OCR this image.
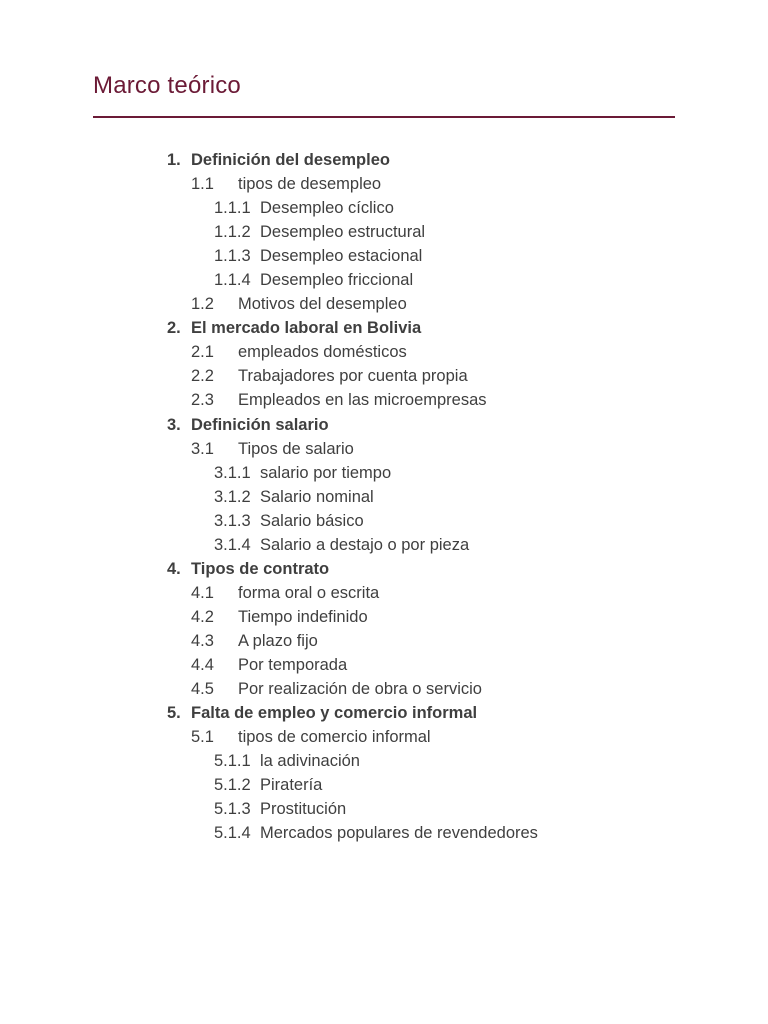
Marco teórico
1. Definición del desempleo
1.1 tipos de desempleo
1.1.1 Desempleo cíclico
1.1.2 Desempleo estructural
1.1.3 Desempleo estacional
1.1.4 Desempleo friccional
1.2 Motivos del desempleo
2. El mercado laboral en Bolivia
2.1 empleados domésticos
2.2 Trabajadores por cuenta propia
2.3 Empleados en las microempresas
3. Definición salario
3.1 Tipos de salario
3.1.1 salario por tiempo
3.1.2 Salario nominal
3.1.3 Salario básico
3.1.4 Salario a destajo o por pieza
4. Tipos de contrato
4.1 forma oral o escrita
4.2 Tiempo indefinido
4.3 A plazo fijo
4.4 Por temporada
4.5 Por realización de obra o servicio
5. Falta de empleo y comercio informal
5.1 tipos de comercio informal
5.1.1 la adivinación
5.1.2 Piratería
5.1.3 Prostitución
5.1.4 Mercados populares de revendedores
